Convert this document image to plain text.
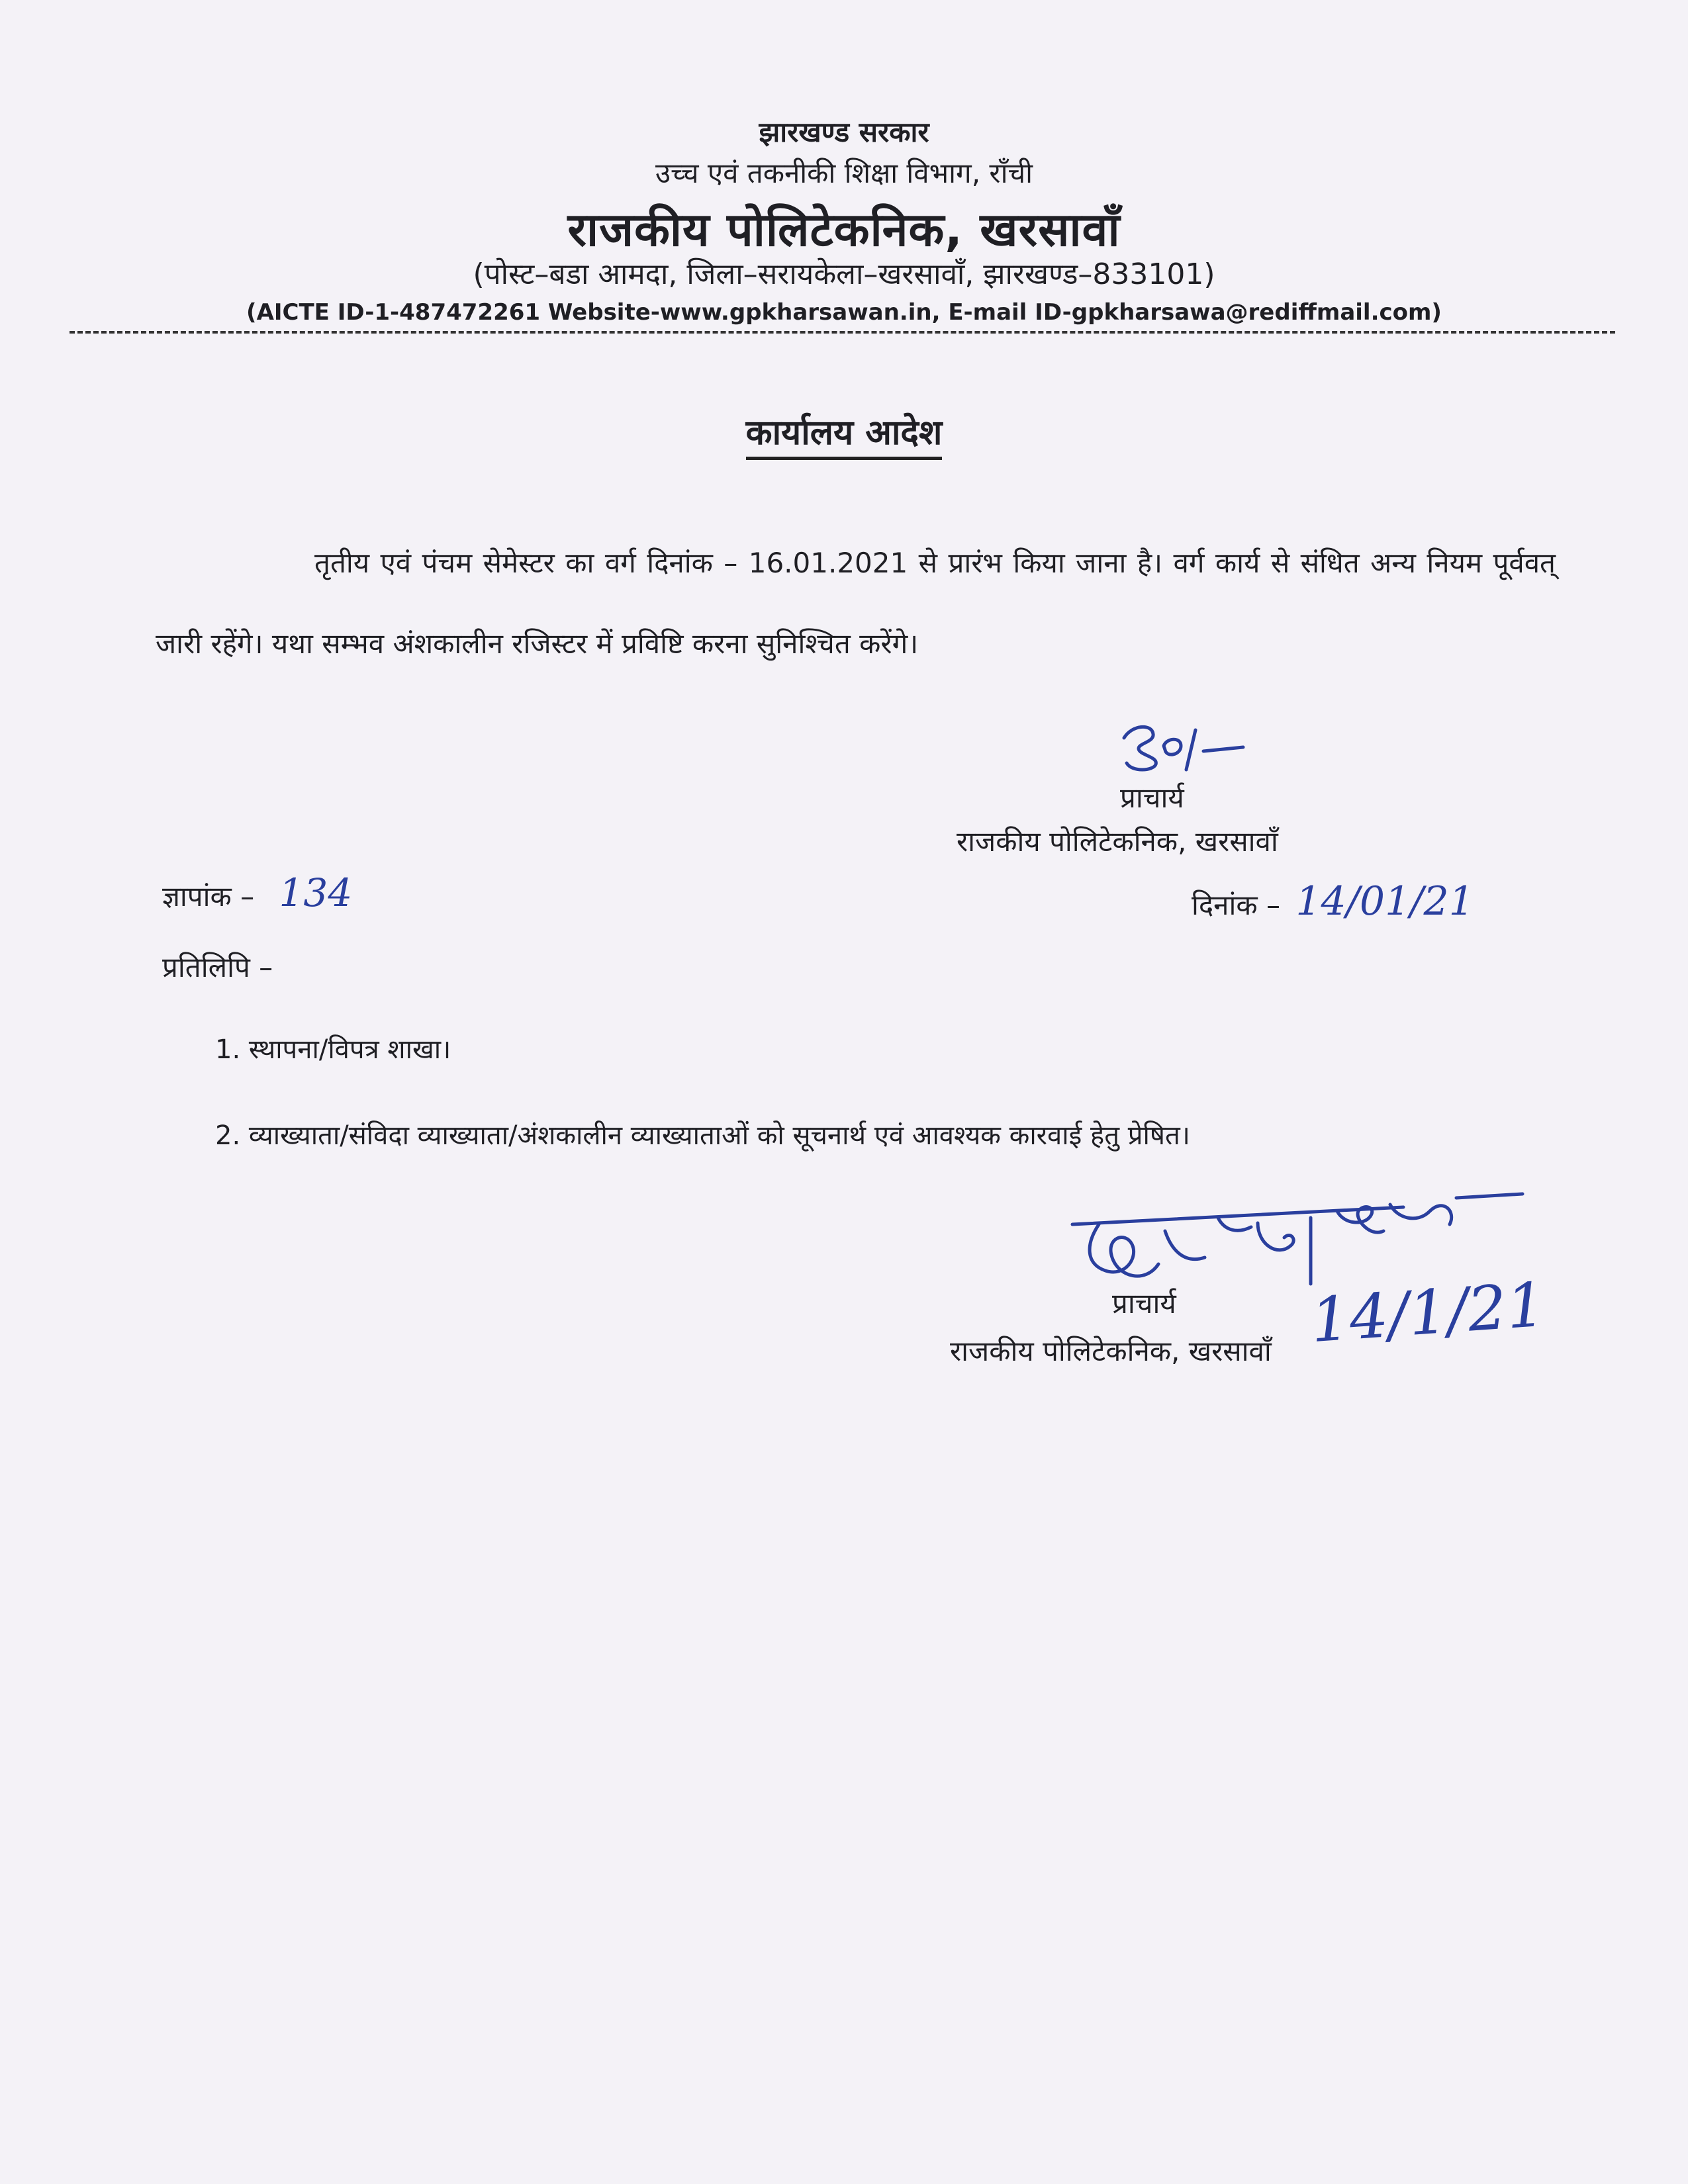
झारखण्ड सरकार
उच्च एवं तकनीकी शिक्षा विभाग, राँची
राजकीय पोलिटेकनिक, खरसावाँ
(पोस्ट–बडा आमदा, जिला–सरायकेला–खरसावाँ, झारखण्ड–833101)
(AICTE ID-1-487472261 Website-www.gpkharsawan.in, E-mail ID-gpkharsawa@rediffmail.com)
कार्यालय आदेश
तृतीय एवं पंचम सेमेस्टर का वर्ग दिनांक – 16.01.2021 से प्रारंभ किया जाना है। वर्ग कार्य से संधित अन्य नियम पूर्ववत् जारी रहेंगे। यथा सम्भव अंशकालीन रजिस्टर में प्रविष्टि करना सुनिश्चित करेंगे।
प्राचार्य
राजकीय पोलिटेकनिक, खरसावाँ
ज्ञापांक – 134	दिनांक – 14/01/21
प्रतिलिपि –
1. स्थापना/विपत्र शाखा।
2. व्याख्याता/संविदा व्याख्याता/अंशकालीन व्याख्याताओं को सूचनार्थ एवं आवश्यक कारवाई हेतु प्रेषित।
प्राचार्य
राजकीय पोलिटेकनिक, खरसावाँ 14/1/21
